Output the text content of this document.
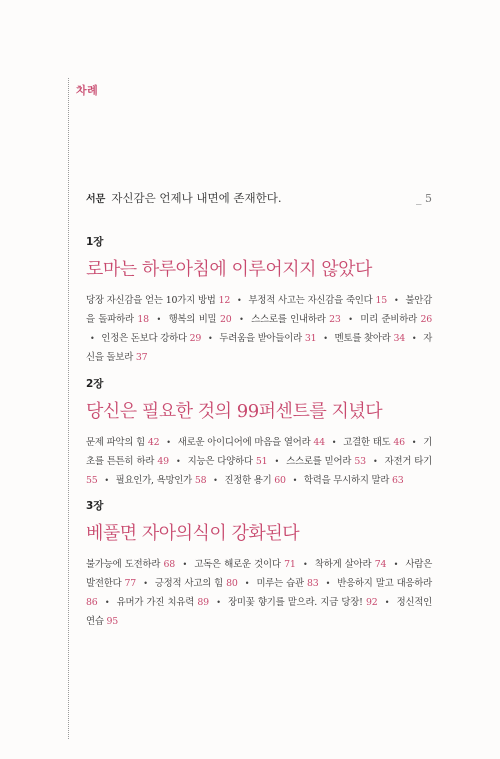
차례
서문 자신감은 언제나 내면에 존재한다.	_ 5
1장
로마는 하루아침에 이루어지지 않았다
당장 자신감을 얻는 10가지 방법 12 • 부정적 사고는 자신감을 죽인다 15 • 불안감을 돌파하라 18 • 행복의 비밀 20 • 스스로를 인내하라 23 • 미리 준비하라 26 • 인정은 돈보다 강하다 29 • 두려움을 받아들이라 31 • 멘토를 찾아라 34 • 자신을 돌보라 37
2장
당신은 필요한 것의 99퍼센트를 지녔다
문제 파악의 힘 42 • 새로운 아이디어에 마음을 열어라 44 • 고결한 태도 46 • 기초를 튼튼히 하라 49 • 지능은 다양하다 51 • 스스로를 믿어라 53 • 자전거 타기 55 • 필요인가, 욕망인가 58 • 진정한 용기 60 • 학력을 무시하지 말라 63
3장
베풀면 자아의식이 강화된다
불가능에 도전하라 68 • 고독은 해로운 것이다 71 • 착하게 살아라 74 • 사람은 발전한다 77 • 긍정적 사고의 힘 80 • 미루는 습관 83 • 반응하지 말고 대응하라 86 • 유머가 가진 치유력 89 • 장미꽃 향기를 맡으라. 지금 당장! 92 • 정신적인 연습 95
